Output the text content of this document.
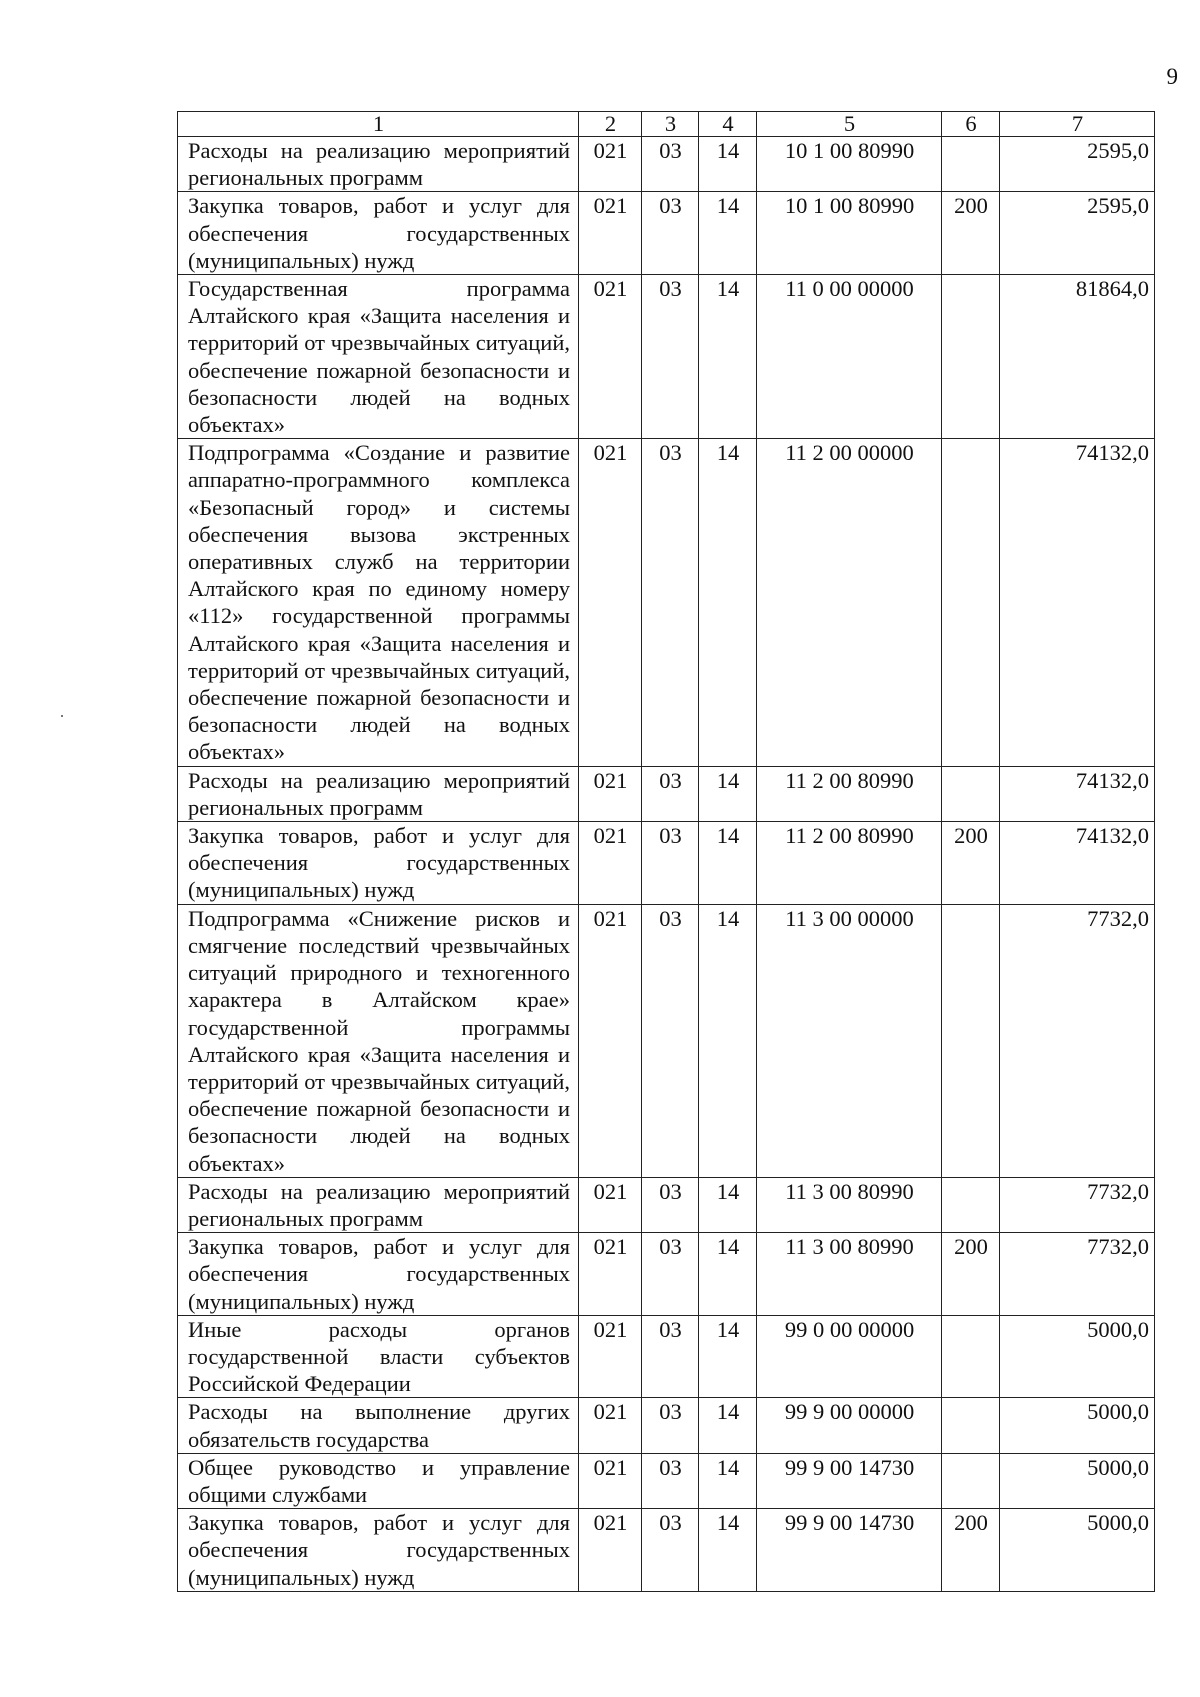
9
1	2	3	4	5	6	7
Расходы на реализацию мероприятий региональных программ	021	03	14	10 1 00 80990		2595,0
Закупка товаров, работ и услуг для обеспечения государственных (муниципальных) нужд	021	03	14	10 1 00 80990	200	2595,0
Государственная программа Алтайского края «Защита населения и территорий от чрезвычайных ситуаций, обеспечение пожарной безопасности и безопасности людей на водных объектах»	021	03	14	11 0 00 00000		81864,0
Подпрограмма «Создание и развитие аппаратно-программного комплекса «Безопасный город» и системы обеспечения вызова экстренных оперативных служб на территории Алтайского края по единому номеру «112» государственной программы Алтайского края «Защита населения и территорий от чрезвычайных ситуаций, обеспечение пожарной безопасности и безопасности людей на водных объектах»	021	03	14	11 2 00 00000		74132,0
Расходы на реализацию мероприятий региональных программ	021	03	14	11 2 00 80990		74132,0
Закупка товаров, работ и услуг для обеспечения государственных (муниципальных) нужд	021	03	14	11 2 00 80990	200	74132,0
Подпрограмма «Снижение рисков и смягчение последствий чрезвычайных ситуаций природного и техногенного характера в Алтайском крае» государственной программы Алтайского края «Защита населения и территорий от чрезвычайных ситуаций, обеспечение пожарной безопасности и безопасности людей на водных объектах»	021	03	14	11 3 00 00000		7732,0
Расходы на реализацию мероприятий региональных программ	021	03	14	11 3 00 80990		7732,0
Закупка товаров, работ и услуг для обеспечения государственных (муниципальных) нужд	021	03	14	11 3 00 80990	200	7732,0
Иные расходы органов государственной власти субъектов Российской Федерации	021	03	14	99 0 00 00000		5000,0
Расходы на выполнение других обязательств государства	021	03	14	99 9 00 00000		5000,0
Общее руководство и управление общими службами	021	03	14	99 9 00 14730		5000,0
Закупка товаров, работ и услуг для обеспечения государственных (муниципальных) нужд	021	03	14	99 9 00 14730	200	5000,0
